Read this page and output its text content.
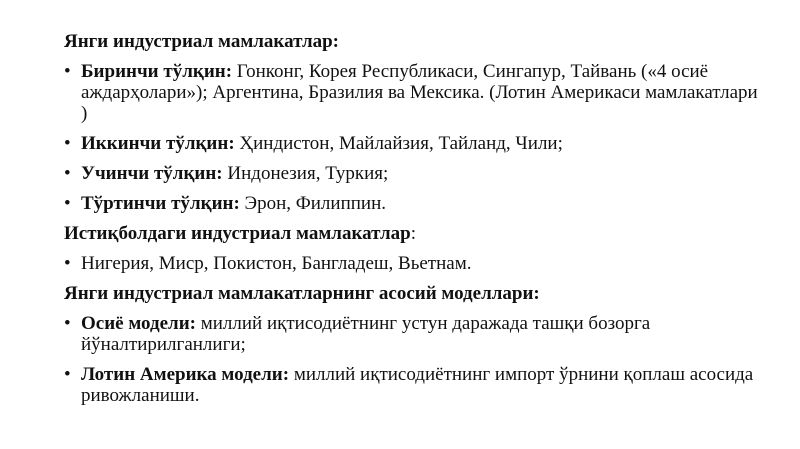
Янги индустриал мамлакатлар:
• Биринчи тўлқин: Гонконг, Корея Республикаси, Сингапур, Тайвань («4 осиё аждарҳолари»); Аргентина, Бразилия ва Мексика. (Лотин Америкаси мамлакатлари )
• Иккинчи тўлқин: Ҳиндистон, Майлайзия, Тайланд, Чили;
• Учинчи тўлқин: Индонезия, Туркия;
• Тўртинчи тўлқин: Эрон, Филиппин.
Истиқболдаги индустриал мамлакатлар:
• Нигерия, Миср, Покистон, Бангладеш, Вьетнам.
Янги индустриал мамлакатларнинг асосий моделлари:
• Осиё модели: миллий иқтисодиётнинг устун даражада ташқи бозорга йўналтирилганлиги;
• Лотин Америка модели: миллий иқтисодиётнинг импорт ўрнини қоплаш асосида ривожланиши.
